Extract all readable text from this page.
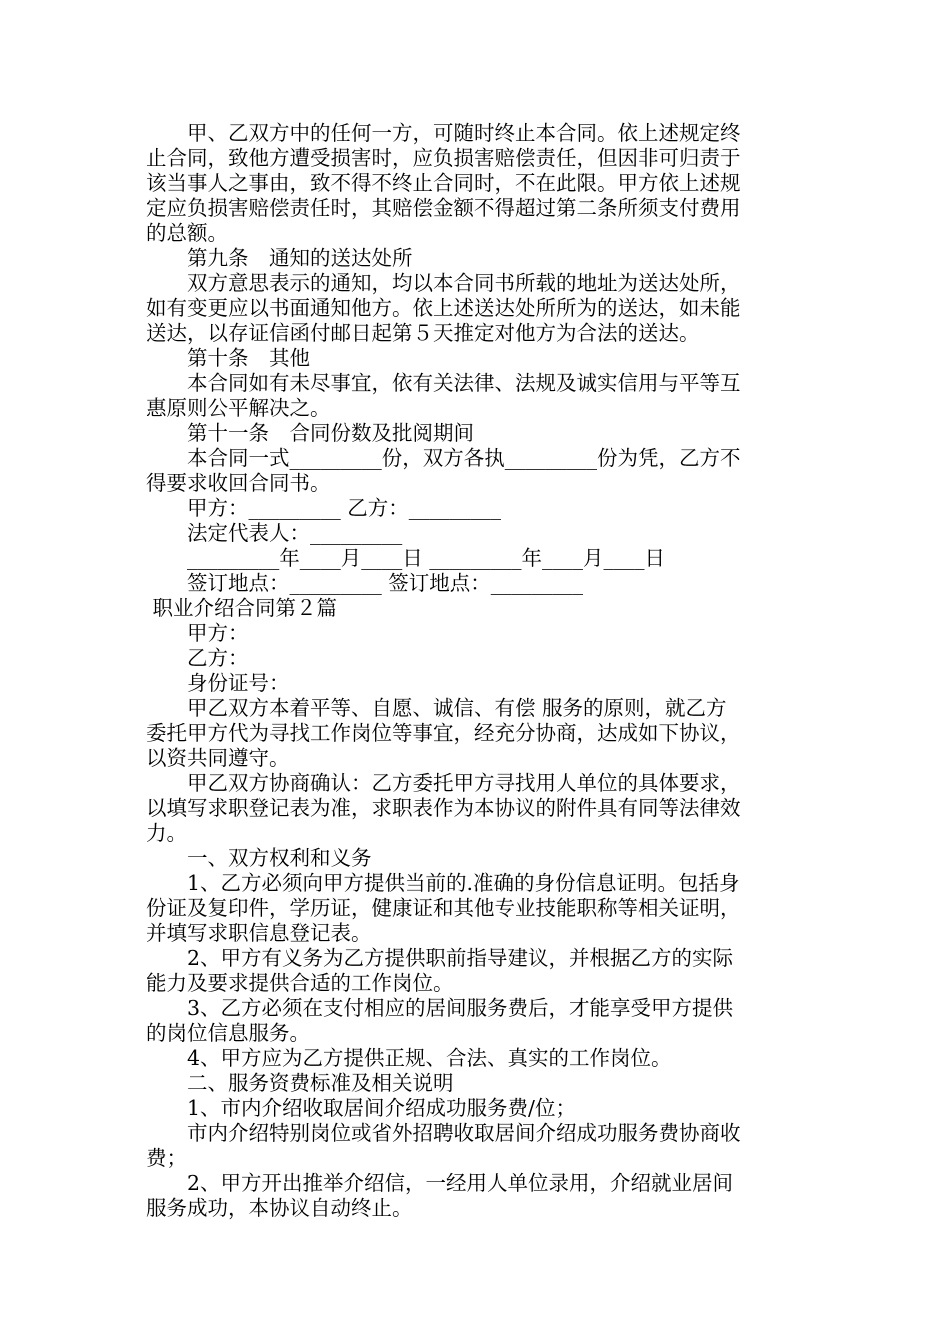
　　甲、乙双方中的任何一方，可随时终止本合同。依上述规定终
止合同，致他方遭受损害时，应负损害赔偿责任，但因非可归责于
该当事人之事由，致不得不终止合同时，不在此限。甲方依上述规
定应负损害赔偿责任时，其赔偿金额不得超过第二条所须支付费用
的总额。
　　第九条　通知的送达处所
　　双方意思表示的通知，均以本合同书所载的地址为送达处所，
如有变更应以书面通知他方。依上述送达处所所为的送达，如未能
送达，以存证信函付邮日起第５天推定对他方为合法的送达。
　　第十条　其他
　　本合同如有未尽事宜，依有关法律、法规及诚实信用与平等互
惠原则公平解决之。
　　第十一条　合同份数及批阅期间
　　本合同一式_________份，双方各执_________份为凭，乙方不
得要求收回合同书。
　　甲方：_________ 乙方：_________
　　法定代表人：_________
　　_________年____月____日 _________年____月____日
　　签订地点：_________ 签订地点：_________
职业介绍合同第２篇
　　甲方：
　　乙方：
　　身份证号：
　　甲乙双方本着平等、自愿、诚信、有偿 服务的原则，就乙方
委托甲方代为寻找工作岗位等事宜，经充分协商，达成如下协议，
以资共同遵守。
　　甲乙双方协商确认：乙方委托甲方寻找用人单位的具体要求，
以填写求职登记表为准，求职表作为本协议的附件具有同等法律效
力。
　　一、双方权利和义务
　　1、乙方必须向甲方提供当前的.准确的身份信息证明。包括身
份证及复印件，学历证，健康证和其他专业技能职称等相关证明，
并填写求职信息登记表。
　　2、甲方有义务为乙方提供职前指导建议，并根据乙方的实际
能力及要求提供合适的工作岗位。
　　3、乙方必须在支付相应的居间服务费后，才能享受甲方提供
的岗位信息服务。
　　4、甲方应为乙方提供正规、合法、真实的工作岗位。
　　二、服务资费标准及相关说明
　　1、市内介绍收取居间介绍成功服务费/位；
　　市内介绍特别岗位或省外招聘收取居间介绍成功服务费协商收
费；
　　2、甲方开出推举介绍信，一经用人单位录用，介绍就业居间
服务成功，本协议自动终止。
